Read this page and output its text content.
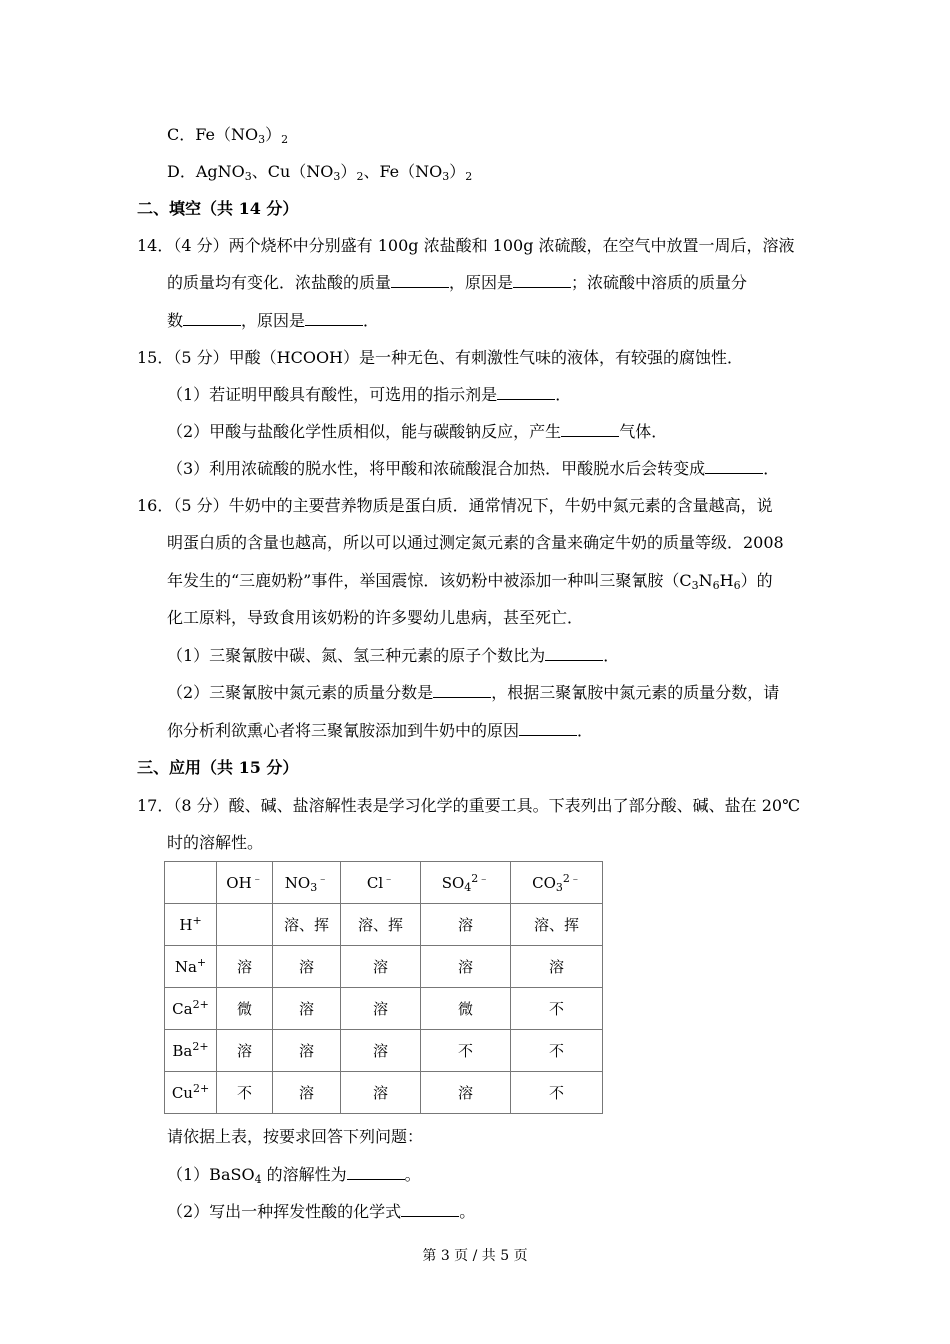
C．$Fe(NO_3)_2$
D．AgNO$_3$、$Cu(NO_3)_2$、$Fe(NO_3)_2$
二、填空（共 14 分）
14．（4 分）两个烧杯中分别盛有 100g 浓盐酸和 100g 浓硫酸，在空气中放置一周后，溶液
的质量均有变化．浓盐酸的质量	，原因是	；浓硫酸中溶质的质量分
数	，原因是	．
15．（5 分）甲酸（HCOOH）是一种无色、有刺激性气味的液体，有较强的腐蚀性．
（1）若证明甲酸具有酸性，可选用的指示剂是	．
（2）甲酸与盐酸化学性质相似，能与碳酸钠反应，产生	气体．
（3）利用浓硫酸的脱水性，将甲酸和浓硫酸混合加热．甲酸脱水后会转变成	．
16．（5 分）牛奶中的主要营养物质是蛋白质．通常情况下，牛奶中氮元素的含量越高，说
明蛋白质的含量也越高，所以可以通过测定氮元素的含量来确定牛奶的质量等级．2008
年发生的“三鹿奶粉”事件，举国震惊．该奶粉中被添加一种叫三聚氰胺$(C_3N_6H_6)$的
化工原料，导致食用该奶粉的许多婴幼儿患病，甚至死亡．
（1）三聚氰胺中碳、氮、氢三种元素的原子个数比为	．
（2）三聚氰胺中氮元素的质量分数是	，根据三聚氰胺中氮元素的质量分数，请
你分析利欲熏心者将三聚氰胺添加到牛奶中的原因	．
三、应用（共 15 分）
17．（8 分）酸、碱、盐溶解性表是学习化学的重要工具。下表列出了部分酸、碱、盐在 20℃
时的溶解性。
	OH﹣	$NO_3^﹣$	Cl﹣	$SO_4^{2﹣}$	$CO_3^{2﹣}$
H+		溶、挥	溶、挥	溶	溶、挥
Na+	溶	溶	溶	溶	溶
$Ca^{2+}$	微	溶	溶	微	不
$Ba^{2+}$	溶	溶	溶	不	不
$Cu^{2+}$	不	溶	溶	溶	不
请依据上表，按要求回答下列问题：
（1）BaSO$_4$ 的溶解性为	。
（2）写出一种挥发性酸的化学式	。
第 3 页 / 共 5 页
